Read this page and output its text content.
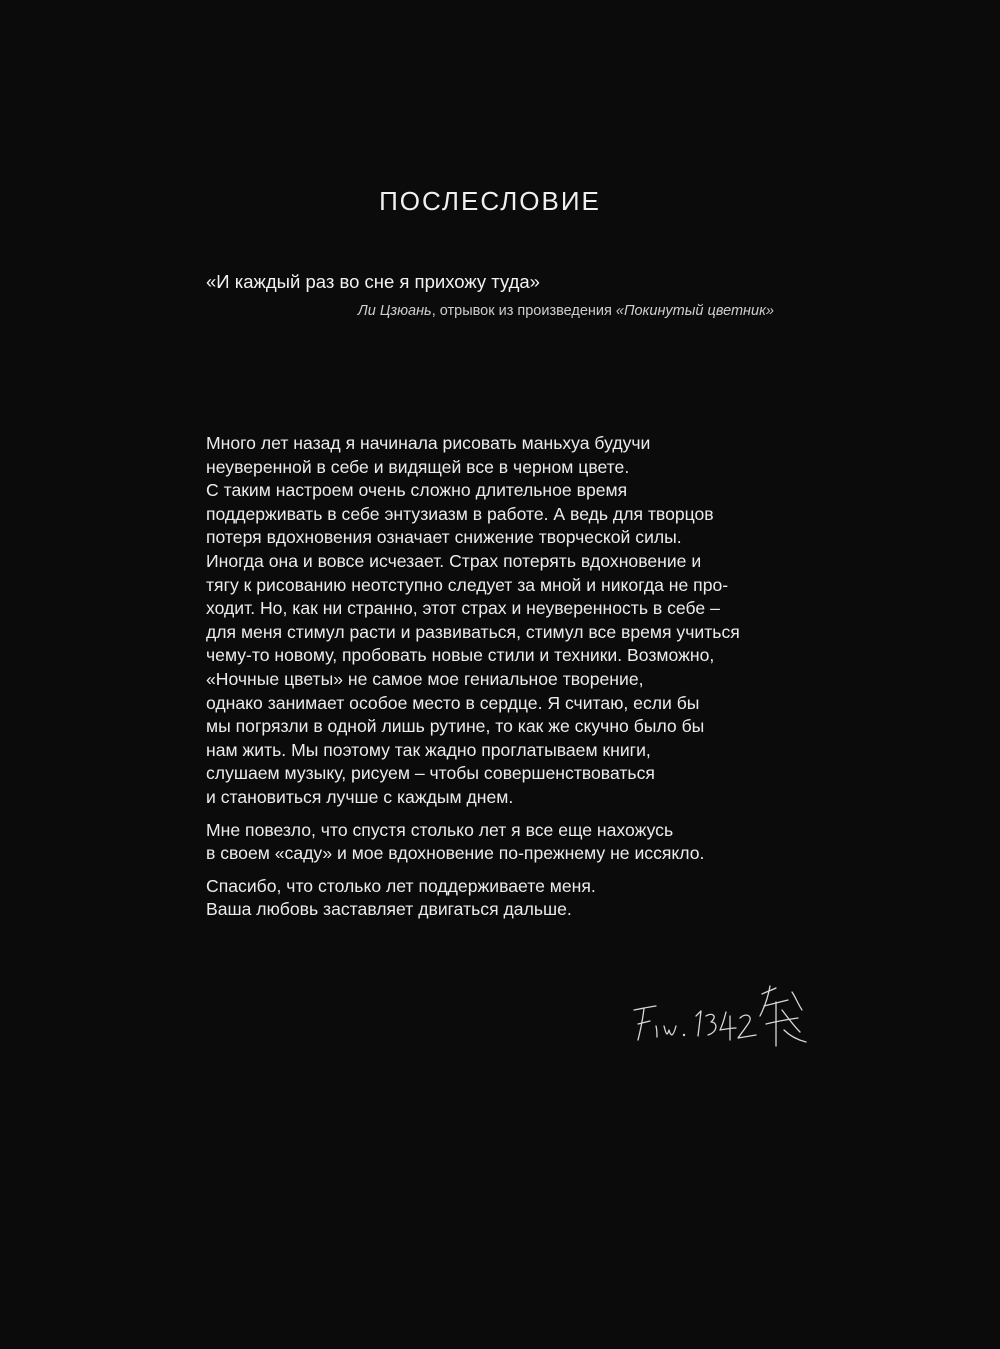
ПОСЛЕСЛОВИЕ
«И каждый раз во сне я прихожу туда»
Ли Цзюань, отрывок из произведения «Покинутый цветник»

Много лет назад я начинала рисовать маньхуа будучи
неуверенной в себе и видящей все в черном цвете.
С таким настроем очень сложно длительное время
поддерживать в себе энтузиазм в работе. А ведь для творцов
потеря вдохновения означает снижение творческой силы.
Иногда она и вовсе исчезает. Страх потерять вдохновение и
тягу к рисованию неотступно следует за мной и никогда не про-
ходит. Но, как ни странно, этот страх и неуверенность в себе –
для меня стимул расти и развиваться, стимул все время учиться
чему-то новому, пробовать новые стили и техники. Возможно,
«Ночные цветы» не самое мое гениальное творение,
однако занимает особое место в сердце. Я считаю, если бы
мы погрязли в одной лишь рутине, то как же скучно было бы
нам жить. Мы поэтому так жадно проглатываем книги,
слушаем музыку, рисуем – чтобы совершенствоваться
и становиться лучше с каждым днем.

Мне повезло, что спустя столько лет я все еще нахожусь
в своем «саду» и мое вдохновение по-прежнему не иссякло.

Спасибо, что столько лет поддерживаете меня.
Ваша любовь заставляет двигаться дальше.
